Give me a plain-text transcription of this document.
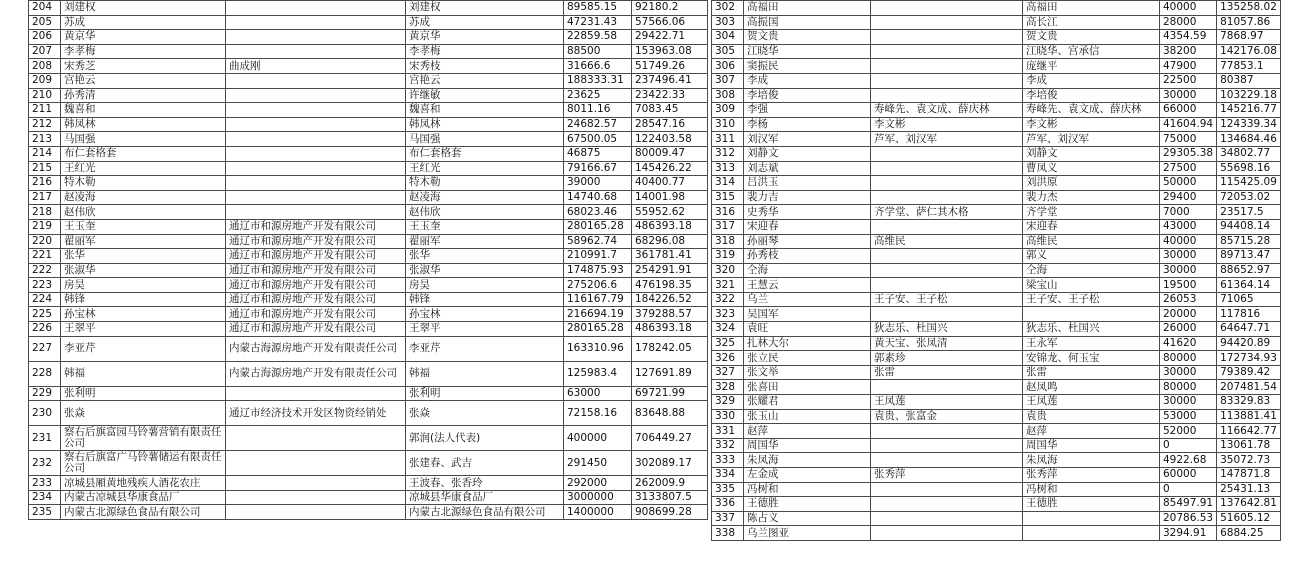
204	刘建权		刘建权	89585.15	92180.2
205	苏成		苏成	47231.43	57566.06
206	黄京华		黄京华	22859.58	29422.71
207	李孝梅		李孝梅	88500	153963.08
208	宋秀芝	曲成刚	宋秀枝	31666.6	51749.26
209	宫艳云		宫艳云	188333.31	237496.41
210	孙秀清		许继敏	23625	23422.33
211	魏喜和		魏喜和	8011.16	7083.45
212	韩凤林		韩凤林	24682.57	28547.16
213	马国强		马国强	67500.05	122403.58
214	布仁套格套		布仁套格套	46875	80009.47
215	王红光		王红光	79166.67	145426.22
216	特木勒		特木勒	39000	40400.77
217	赵凌海		赵凌海	14740.68	14001.98
218	赵伟欣		赵伟欣	68023.46	55952.62
219	王玉奎	通辽市和源房地产开发有限公司	王玉奎	280165.28	486393.18
220	翟丽军	通辽市和源房地产开发有限公司	翟丽军	58962.74	68296.08
221	张华	通辽市和源房地产开发有限公司	张华	210991.7	361781.41
222	张淑华	通辽市和源房地产开发有限公司	张淑华	174875.93	254291.91
223	房昊	通辽市和源房地产开发有限公司	房昊	275206.6	476198.35
224	韩锋	通辽市和源房地产开发有限公司	韩锋	116167.79	184226.52
225	孙宝林	通辽市和源房地产开发有限公司	孙宝林	216694.19	379288.57
226	王翠平	通辽市和源房地产开发有限公司	王翠平	280165.28	486393.18
227	李亚芹	内蒙古海源房地产开发有限责任公司	李亚芹	163310.96	178242.05
228	韩福	内蒙古海源房地产开发有限责任公司	韩福	125983.4	127691.89
229	张利明		张利明	63000	69721.99
230	张焱	通辽市经济技术开发区物资经销处	张焱	72158.16	83648.88
231	察右后旗富园马铃薯营销有限责任公司		郭润(法人代表)	400000	706449.27
232	察右后旗富广马铃薯储运有限责任公司		张建春、武吉	291450	302089.17
233	凉城县厢黄地残疾人酒花农庄		王波春、张香玲	292000	262009.9
234	内蒙古凉城县华康食品厂		凉城县华康食品厂	3000000	3133807.5
235	内蒙古北源绿色食品有限公司		内蒙古北源绿色食品有限公司	1400000	908699.28
302	高福田		高福田	40000	135258.02
303	高振国		高长江	28000	81057.86
304	贺文贵		贺文贵	4354.59	7868.97
305	江晓华		江晓华、宫承信	38200	142176.08
306	窦振民		庞继平	47900	77853.1
307	李成		李成	22500	80387
308	李培俊		李培俊	30000	103229.18
309	李强	寿峰先、袁文成、薛庆林	寿峰先、袁文成、薛庆林	66000	145216.77
310	李杨	李文彬	李文彬	41604.94	124339.34
311	刘汉军	芦军、刘汉军	芦军、刘汉军	75000	134684.46
312	刘静文		刘静文	29305.38	34802.77
313	刘志斌		曹凤义	27500	55698.16
314	吕洪玉		刘洪原	50000	115425.09
315	裴力吉		裴力杰	29400	72053.02
316	史秀华	齐学堂、萨仁其木格	齐学堂	7000	23517.5
317	宋迎春		宋迎春	43000	94408.14
318	孙丽琴	高维民	高维民	40000	85715.28
319	孙秀枝		郭义	30000	89713.47
320	仝海		仝海	30000	88652.97
321	王慧云		梁宝山	19500	61364.14
322	乌兰	王子安、王子松	王子安、王子松	26053	71065
323	吴国军			20000	117816
324	袁旺	狄志乐、杜国兴	狄志乐、杜国兴	26000	64647.71
325	扎林大尔	黄天宝、张凤清	王永军	41620	94420.89
326	张立民	郭素珍	安锦龙、何玉宝	80000	172734.93
327	张文举	张雷	张雷	30000	79389.42
328	张喜田		赵凤鸣	80000	207481.54
329	张耀君	王凤莲	王凤莲	30000	83329.83
330	张玉山	袁贵、张富金	袁贵	53000	113881.41
331	赵萍		赵萍	52000	116642.77
332	周国华		周国华	0	13061.78
333	朱凤海		朱凤海	4922.68	35072.73
334	左金成	张秀萍	张秀萍	60000	147871.8
335	冯树和		冯树和	0	25431.13
336	王德胜		王德胜	85497.91	137642.81
337	陈占义			20786.53	51605.12
338	乌兰图亚			3294.91	6884.25
